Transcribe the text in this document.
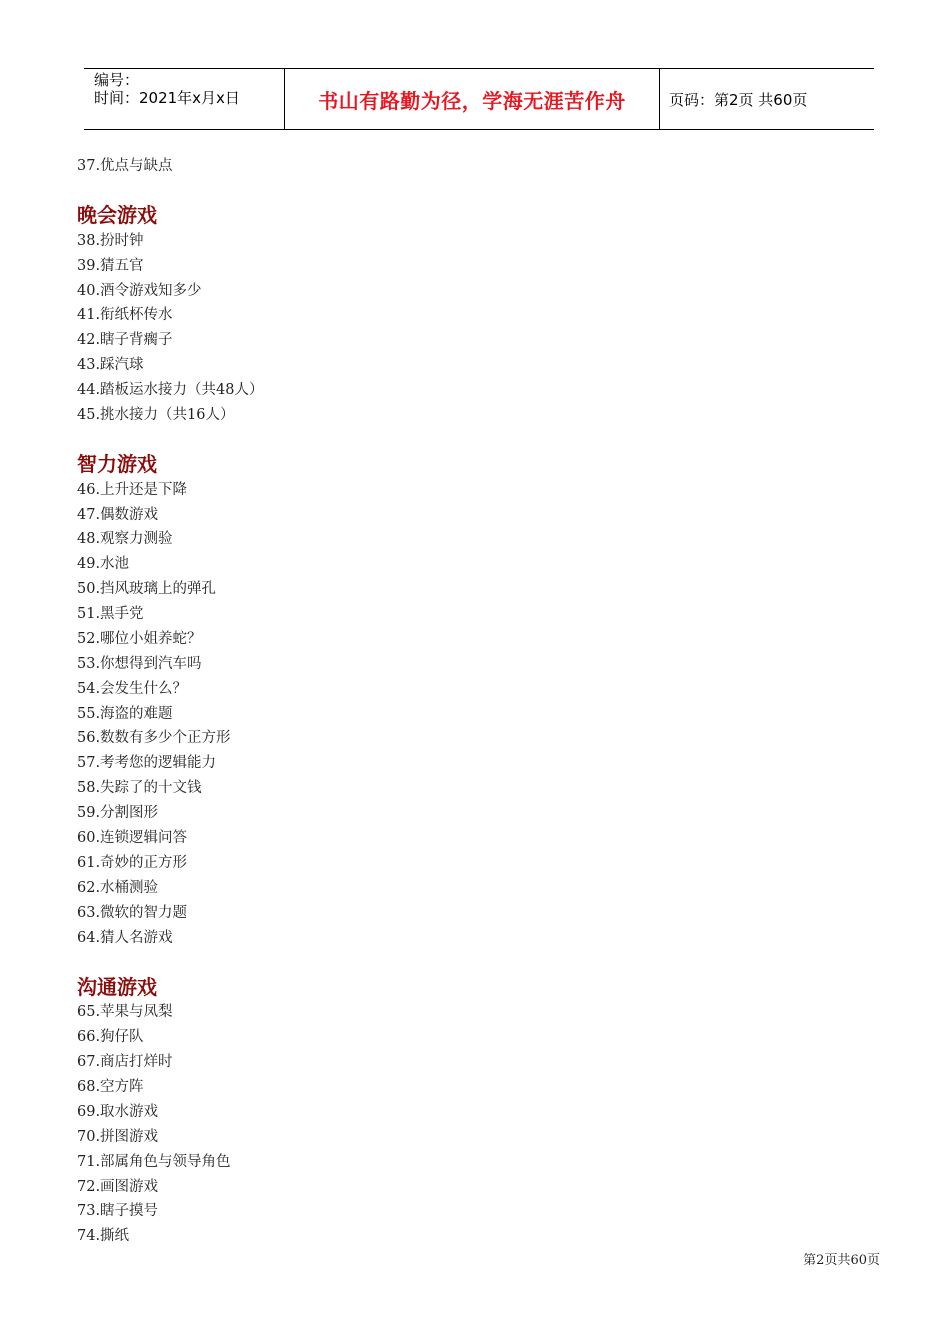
编号：
时间：2021年x月x日	书山有路勤为径，学海无涯苦作舟	页码：第2页 共60页
37.优点与缺点
晚会游戏
38.扮时钟
39.猜五官
40.酒令游戏知多少
41.衔纸杯传水
42.瞎子背瘸子
43.踩汽球
44.踏板运水接力（共48人）
45.挑水接力（共16人）
智力游戏
46.上升还是下降
47.偶数游戏
48.观察力测验
49.水池
50.挡风玻璃上的弹孔
51.黑手党
52.哪位小姐养蛇？
53.你想得到汽车吗
54.会发生什么？
55.海盗的难题
56.数数有多少个正方形
57.考考您的逻辑能力
58.失踪了的十文钱
59.分割图形
60.连锁逻辑问答
61.奇妙的正方形
62.水桶测验
63.微软的智力题
64.猜人名游戏
沟通游戏
65.苹果与凤梨
66.狗仔队
67.商店打烊时
68.空方阵
69.取水游戏
70.拼图游戏
71.部属角色与领导角色
72.画图游戏
73.瞎子摸号
74.撕纸
第2页共60页
